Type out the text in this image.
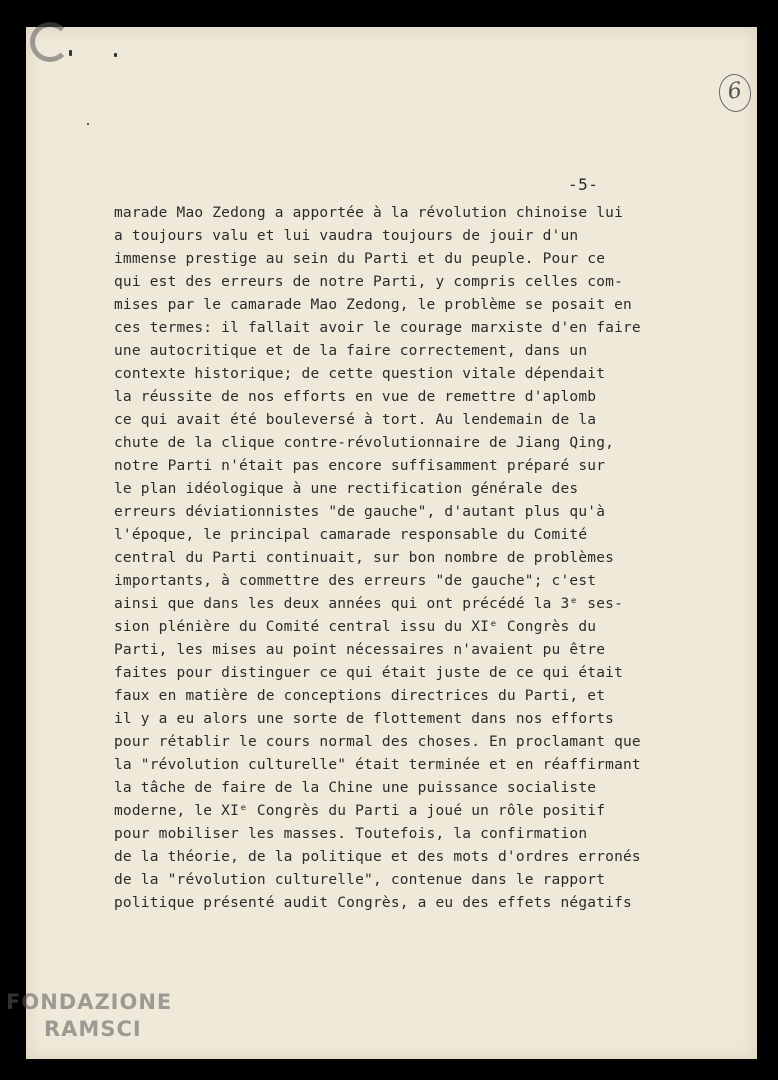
6
-5-
marade Mao Zedong a apportée à la révolution chinoise lui
a toujours valu et lui vaudra toujours de jouir d'un
immense prestige au sein du Parti et du peuple. Pour ce
qui est des erreurs de notre Parti, y compris celles com-
mises par le camarade Mao Zedong, le problème se posait en
ces termes: il fallait avoir le courage marxiste d'en faire
une autocritique et de la faire correctement, dans un
contexte historique; de cette question vitale dépendait
la réussite de nos efforts en vue de remettre d'aplomb
ce qui avait été bouleversé à tort. Au lendemain de la
chute de la clique contre-révolutionnaire de Jiang Qing,
notre Parti n'était pas encore suffisamment préparé sur
le plan idéologique à une rectification générale des
erreurs déviationnistes "de gauche", d'autant plus qu'à
l'époque, le principal camarade responsable du Comité
central du Parti continuait, sur bon nombre de problèmes
importants, à commettre des erreurs "de gauche"; c'est
ainsi que dans les deux années qui ont précédé la 3ᵉ ses-
sion plénière du Comité central issu du XIᵉ Congrès du
Parti, les mises au point nécessaires n'avaient pu être
faites pour distinguer ce qui était juste de ce qui était
faux en matière de conceptions directrices du Parti, et
il y a eu alors une sorte de flottement dans nos efforts
pour rétablir le cours normal des choses. En proclamant que
la "révolution culturelle" était terminée et en réaffirmant
la tâche de faire de la Chine une puissance socialiste
moderne, le XIᵉ Congrès du Parti a joué un rôle positif
pour mobiliser les masses. Toutefois, la confirmation
de la théorie, de la politique et des mots d'ordres erronés
de la "révolution culturelle", contenue dans le rapport
politique présenté audit Congrès, a eu des effets négatifs
FONDAZIONE
RAMSCI
